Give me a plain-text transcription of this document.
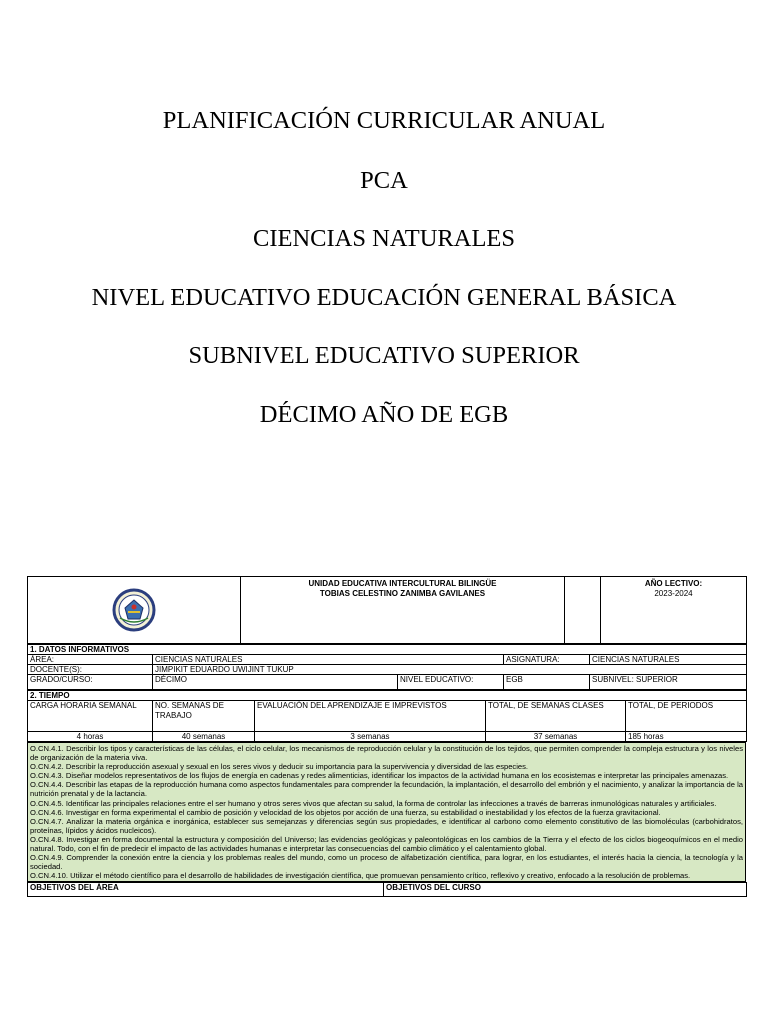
PLANIFICACIÓN CURRICULAR ANUAL
PCA
CIENCIAS NATURALES
NIVEL EDUCATIVO EDUCACIÓN GENERAL BÁSICA
SUBNIVEL EDUCATIVO SUPERIOR
DÉCIMO AÑO DE EGB

UNIDAD EDUCATIVA INTERCULTURAL BILINGÜE
TOBIAS CELESTINO ZANIMBA GAVILANES

AÑO LECTIVO:
2023-2024
1. DATOS INFORMATIVOS				
ÁREA:	CIENCIAS NATURALES		ASIGNATURA:	CIENCIAS NATURALES
DOCENTE(S):	JIMPIKIT EDUARDO UWIJINT TUKUP			
GRADO/CURSO:	DÉCIMO	NIVEL EDUCATIVO:	EGB	SUBNIVEL: SUPERIOR
2. TIEMPO				
CARGA HORARIA SEMANAL	NO. SEMANAS DE TRABAJO	EVALUACIÓN DEL APRENDIZAJE E IMPREVISTOS	TOTAL, DE SEMANAS CLASES	TOTAL, DE PERIODOS
4 horas	40 semanas	3 semanas	37 semanas	185 horas

O.CN.4.1. Describir los tipos y características de las células, el ciclo celular, los mecanismos de reproducción celular y la constitución de los tejidos, que permiten comprender la compleja estructura y los niveles de organización de la materia viva.

O.CN.4.2. Describir la reproducción asexual y sexual en los seres vivos y deducir su importancia para la supervivencia y diversidad de las especies.

O.CN.4.3. Diseñar modelos representativos de los flujos de energía en cadenas y redes alimenticias, identificar los impactos de la actividad humana en los ecosistemas e interpretar las principales amenazas.

O.CN.4.4. Describir las etapas de la reproducción humana como aspectos fundamentales para comprender la fecundación, la implantación, el desarrollo del embrión y el nacimiento, y analizar la importancia de la nutrición prenatal y de la lactancia.

O.CN.4.5. Identificar las principales relaciones entre el ser humano y otros seres vivos que afectan su salud, la forma de controlar las infecciones a través de barreras inmunológicas naturales y artificiales.

O.CN.4.6. Investigar en forma experimental el cambio de posición y velocidad de los objetos por acción de una fuerza, su estabilidad o inestabilidad y los efectos de la fuerza gravitacional.

O.CN.4.7. Analizar la materia orgánica e inorgánica, establecer sus semejanzas y diferencias según sus propiedades, e identificar al carbono como elemento constitutivo de las biomoléculas (carbohidratos, proteínas, lípidos y ácidos nucleicos).

O.CN.4.8. Investigar en forma documental la estructura y composición del Universo; las evidencias geológicas y paleontológicas en los cambios de la Tierra y el efecto de los ciclos biogeoquímicos en el medio natural. Todo, con el fin de predecir el impacto de las actividades humanas e interpretar las consecuencias del cambio climático y el calentamiento global.

O.CN.4.9. Comprender la conexión entre la ciencia y los problemas reales del mundo, como un proceso de alfabetización científica, para lograr, en los estudiantes, el interés hacia la ciencia, la tecnología y la sociedad.

O.CN.4.10. Utilizar el método científico para el desarrollo de habilidades de investigación científica, que promuevan pensamiento crítico, reflexivo y creativo, enfocado a la resolución de problemas.

OBJETIVOS DEL ÁREA	OBJETIVOS DEL CURSO
